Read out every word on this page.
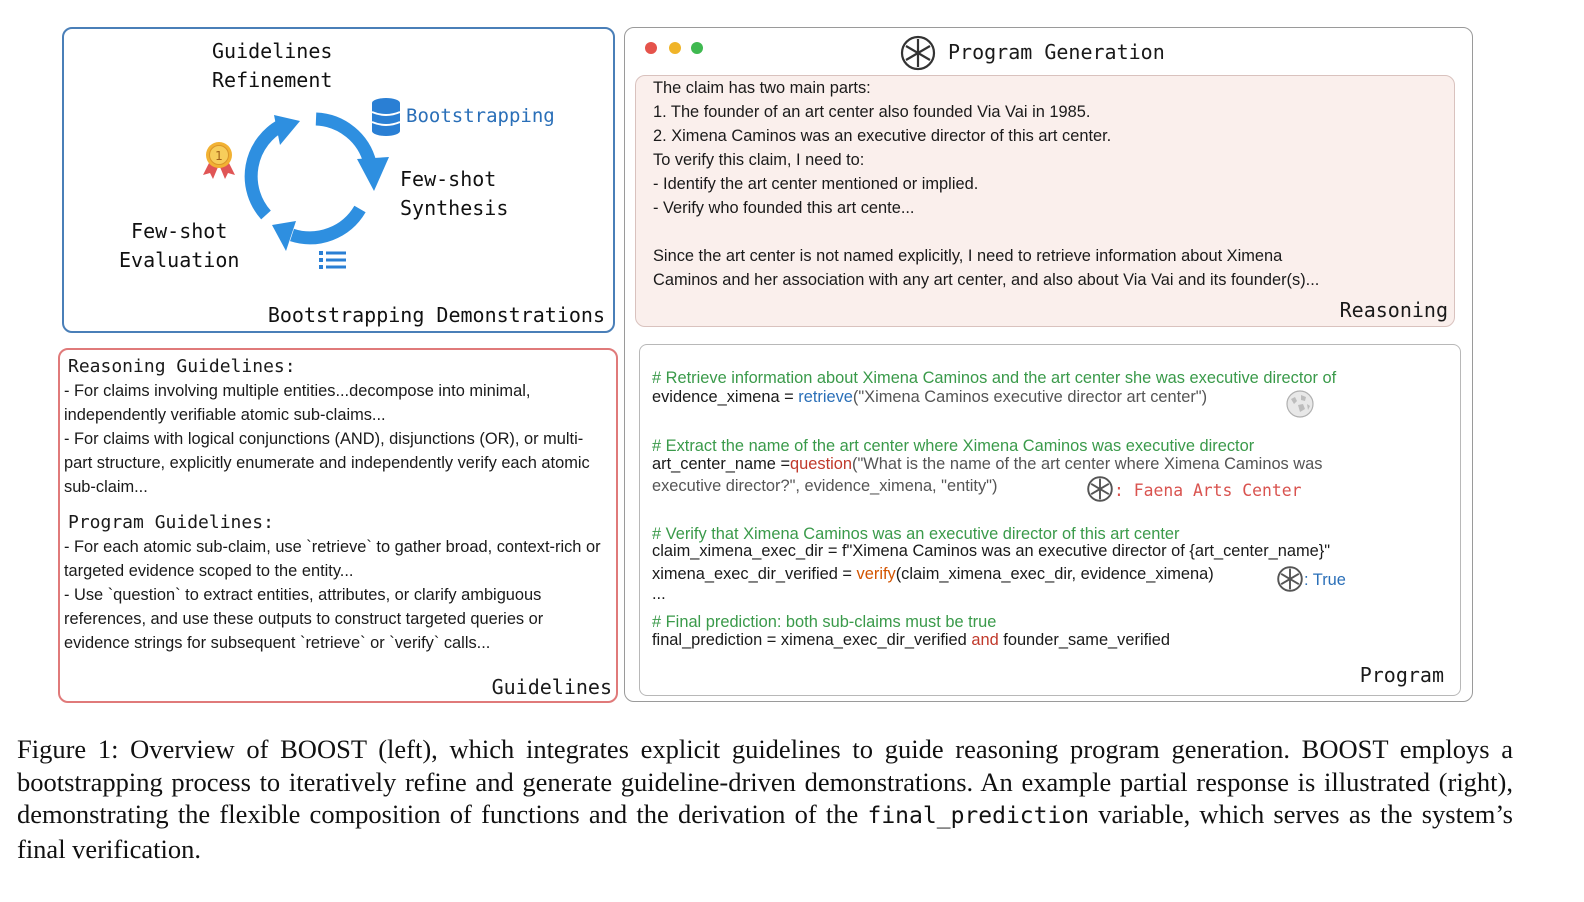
Guidelines
Refinement
Bootstrapping
1
Few-shot
Synthesis
Few-shot
Evaluation
Bootstrapping Demonstrations
Reasoning Guidelines:

- For claims involving multiple entities...decompose into minimal, independently verifiable atomic sub-claims...

- For claims with logical conjunctions (AND), disjunctions (OR), or multi-part structure, explicitly enumerate and independently verify each atomic sub-claim...

Program Guidelines:

- For each atomic sub-claim, use `retrieve` to gather broad, context-rich or targeted evidence scoped to the entity...

- Use `question` to extract entities, attributes, or clarify ambiguous references, and use these outputs to construct targeted queries or evidence strings for subsequent `retrieve` or `verify` calls...

Guidelines
Program Generation

The claim has two main parts:

1. The founder of an art center also founded Via Vai in 1985.

2. Ximena Caminos was an executive director of this art center.

To verify this claim, I need to:

- Identify the art center mentioned or implied.

- Verify who founded this art cente...

Since the art center is not named explicitly, I need to retrieve information about Ximena

Caminos and her association with any art center, and also about Via Vai and its founder(s)...

Reasoning
# Retrieve information about Ximena Caminos and the art center she was executive director of
evidence_ximena = retrieve("Ximena Caminos executive director art center")
# Extract the name of the art center where Ximena Caminos was executive director
art_center_name =question("What is the name of the art center where Ximena Caminos was
executive director?", evidence_ximena, "entity")	: Faena Arts Center
# Verify that Ximena Caminos was an executive director of this art center
claim_ximena_exec_dir = f"Ximena Caminos was an executive director of {art_center_name}"
ximena_exec_dir_verified = verify(claim_ximena_exec_dir, evidence_ximena)	: True
...
# Final prediction: both sub-claims must be true
final_prediction = ximena_exec_dir_verified and founder_same_verified
Program
Figure 1: Overview of BOOST (left), which integrates explicit guidelines to guide reasoning program generation. BOOST employs a bootstrapping process to iteratively refine and generate guideline-driven demonstrations. An example partial response is illustrated (right), demonstrating the flexible composition of functions and the derivation of the final_prediction variable, which serves as the system’s final verification.
